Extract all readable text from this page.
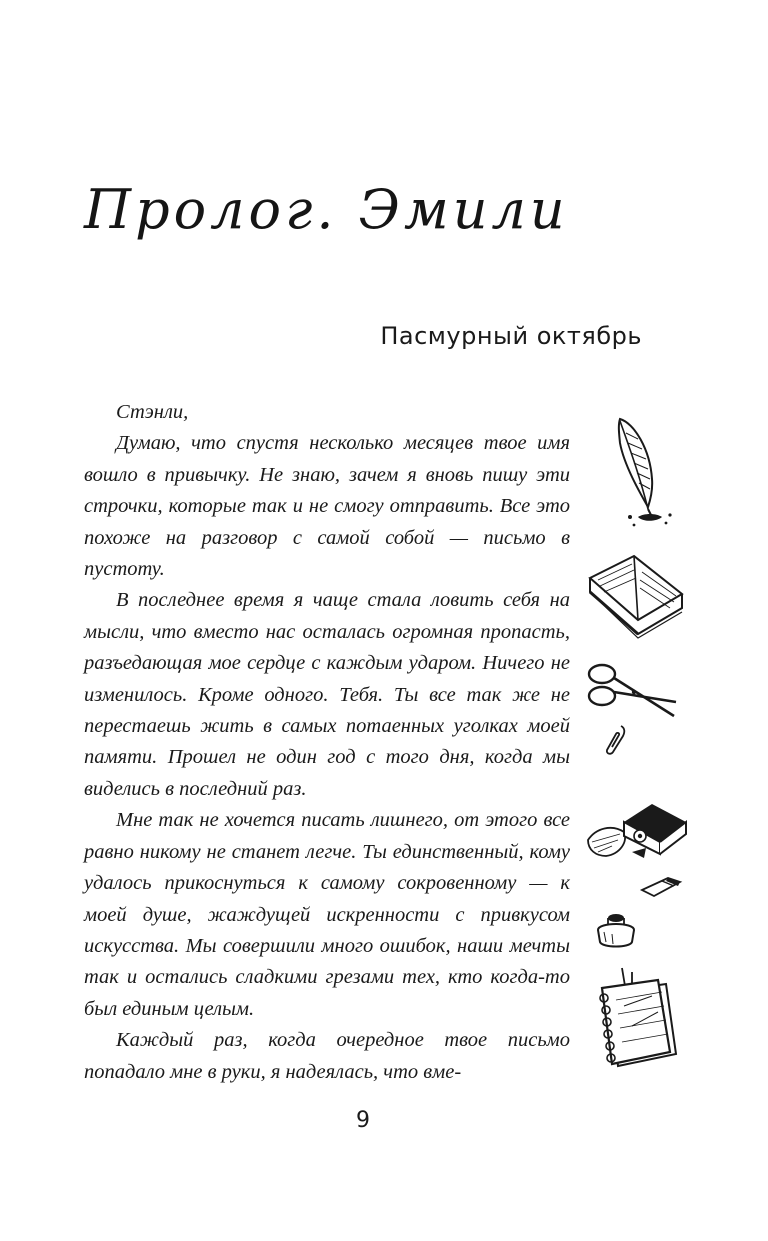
Пролог. Эмили
Пасмурный октябрь

Стэнли,

Думаю, что спустя несколько месяцев твое имя вошло в привычку. Не знаю, зачем я вновь пишу эти строчки, которые так и не смогу отправить. Все это похоже на разговор с самой собой — письмо в пустоту.

В последнее время я чаще стала ловить себя на мысли, что вместо нас осталась огромная пропасть, разъедающая мое сердце с каждым ударом. Ничего не изменилось. Кроме одного. Тебя. Ты все так же не перестаешь жить в самых потаенных уголках моей памяти. Прошел не один год с того дня, когда мы виделись в последний раз.

Мне так не хочется писать лишнего, от этого все равно никому не станет легче. Ты единственный, кому удалось прикоснуться к самому сокровенному — к моей душе, жаждущей искренности с привкусом искусства. Мы совершили много ошибок, наши мечты так и остались сладкими грезами тех, кто когда-то был единым целым.

Каждый раз, когда очередное твое письмо попадало мне в руки, я надеялась, что вме-

9
